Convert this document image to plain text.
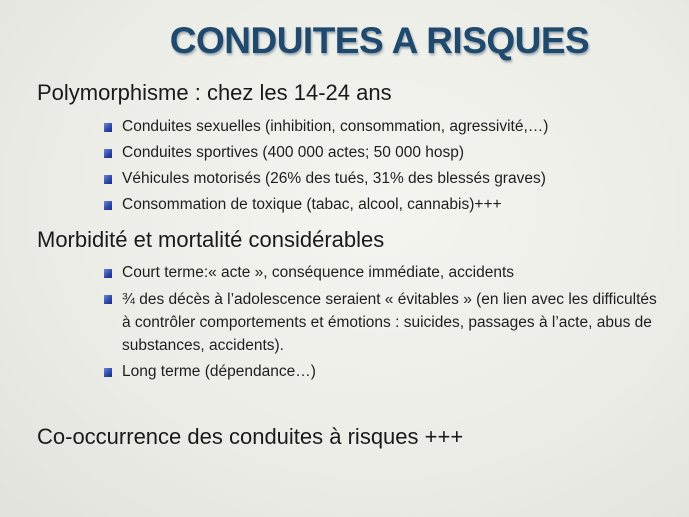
CONDUITES A RISQUES
Polymorphisme : chez les 14-24 ans
Conduites sexuelles (inhibition, consommation, agressivité,…)
Conduites sportives (400 000 actes; 50 000 hosp)
Véhicules motorisés (26% des tués, 31% des blessés graves)
Consommation de toxique (tabac, alcool, cannabis)+++
Morbidité et mortalité considérables
Court terme:« acte », conséquence immédiate, accidents
¾ des décès à l’adolescence seraient « évitables » (en lien avec les difficultés à contrôler comportements et émotions : suicides, passages à l’acte, abus de substances, accidents).
Long terme (dépendance…)
Co-occurrence des conduites à risques +++
